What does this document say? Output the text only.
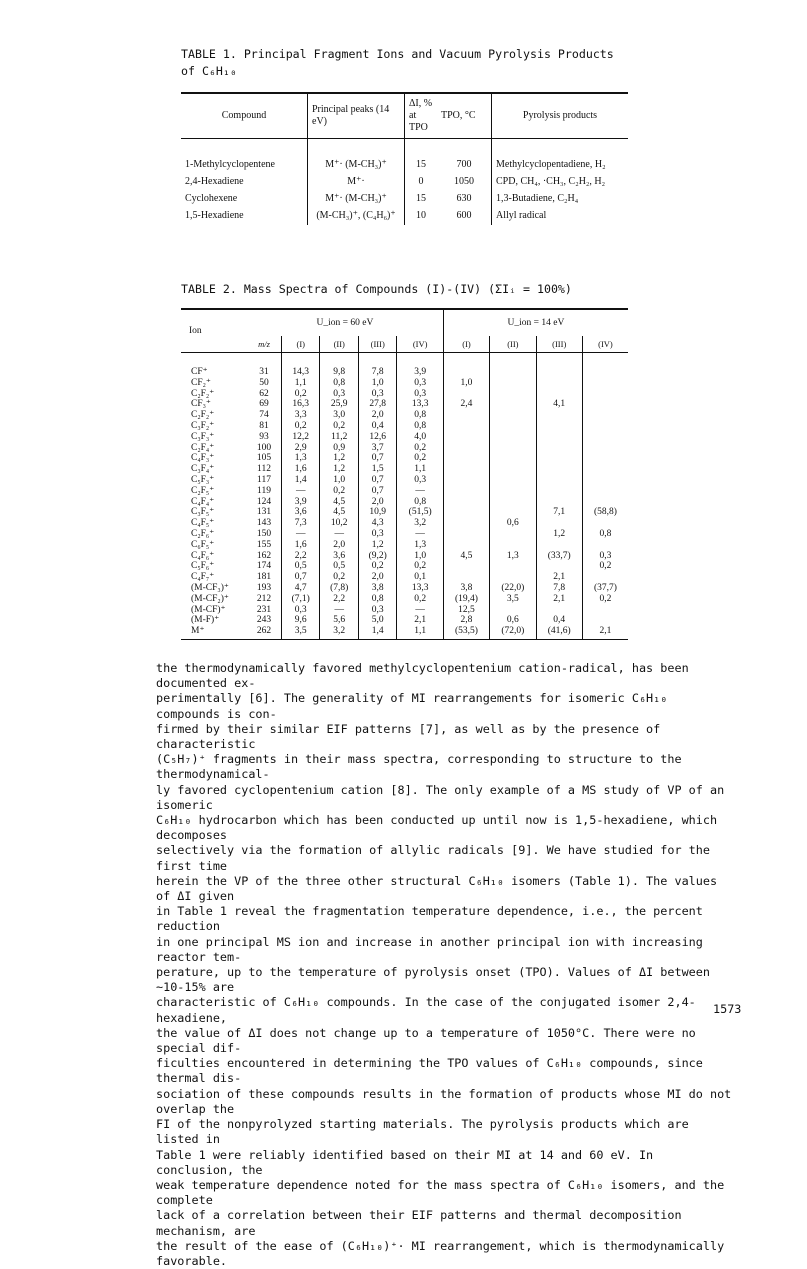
TABLE 1. Principal Fragment Ions and Vacuum Pyrolysis Products of C₆H₁₀
Compound	Principal peaks (14 eV)	ΔI, % at TPO	TPO, °C	Pyrolysis products
1-Methylcyclopentene	M⁺· (M-CH₃)⁺	15	700	Methylcyclopentadiene, H₂
2,4-Hexadiene	M⁺·	0	1050	CPD, CH₄, ·CH₃, C₂H₂, H₂
Cyclohexene	M⁺· (M-CH₃)⁺	15	630	1,3-Butadiene, C₂H₄
1,5-Hexadiene	(M-CH₃)⁺, (C₄H₆)⁺	10	600	Allyl radical
TABLE 2. Mass Spectra of Compounds (I)-(IV) (ΣIᵢ = 100%)
Ion	U_ion = 60 eV					U_ion = 14 eV			
	m/z	(I)	(II)	(III)	(IV)	(I)	(II)	(III)	(IV)
CF⁺	31	14,3	9,8	7,8	3,9				
CF₂⁺	50	1,1	0,8	1,0	0,3	1,0			
C₂F₂⁺	62	0,2	0,3	0,3	0,3				
CF₃⁺	69	16,3	25,9	27,8	13,3	2,4		4,1	
C₂F₂⁺	74	3,3	3,0	2,0	0,8				
C₃F₂⁺	81	0,2	0,2	0,4	0,8				
C₃F₃⁺	93	12,2	11,2	12,6	4,0				
C₂F₄⁺	100	2,9	0,9	3,7	0,2				
C₄F₃⁺	105	1,3	1,2	0,7	0,2				
C₃F₄⁺	112	1,6	1,2	1,5	1,1				
C₅F₃⁺	117	1,4	1,0	0,7	0,3				
C₂F₅⁺	119	—	0,2	0,7	—				
C₄F₄⁺	124	3,9	4,5	2,0	0,8				
C₃F₅⁺	131	3,6	4,5	10,9	(51,5)			7,1	(58,8)
C₄F₅⁺	143	7,3	10,2	4,3	3,2		0,6		
C₂F₆⁺	150	—	—	0,3	—			1,2	0,8
C₆F₅⁺	155	1,6	2,0	1,2	1,3				
C₄F₆⁺	162	2,2	3,6	(9,2)	1,0	4,5	1,3	(33,7)	0,3
C₅F₆⁺	174	0,5	0,5	0,2	0,2				0,2
C₄F₇⁺	181	0,7	0,2	2,0	0,1			2,1	
(M-CF₃)⁺	193	4,7	(7,8)	3,8	13,3	3,8	(22,0)	7,8	(37,7)
(M-CF₂)⁺	212	(7,1)	2,2	0,8	0,2	(19,4)	3,5	2,1	0,2
(M-CF)⁺	231	0,3	—	0,3	—	12,5			
(M-F)⁺	243	9,6	5,6	5,0	2,1	2,8	0,6	0,4	
M⁺	262	3,5	3,2	1,4	1,1	(53,5)	(72,0)	(41,6)	2,1

the thermodynamically favored methylcyclopentenium cation-radical, has been documented ex-

perimentally [6]. The generality of MI rearrangements for isomeric C₆H₁₀ compounds is con-

firmed by their similar EIF patterns [7], as well as by the presence of characteristic

(C₅H₇)⁺ fragments in their mass spectra, corresponding to structure to the thermodynamical-

ly favored cyclopentenium cation [8]. The only example of a MS study of VP of an isomeric

C₆H₁₀ hydrocarbon which has been conducted up until now is 1,5-hexadiene, which decomposes

selectively via the formation of allylic radicals [9]. We have studied for the first time

herein the VP of the three other structural C₆H₁₀ isomers (Table 1). The values of ΔI given

in Table 1 reveal the fragmentation temperature dependence, i.e., the percent reduction

in one principal MS ion and increase in another principal ion with increasing reactor tem-

perature, up to the temperature of pyrolysis onset (TPO). Values of ΔI between ~10-15% are

characteristic of C₆H₁₀ compounds. In the case of the conjugated isomer 2,4-hexadiene,

the value of ΔI does not change up to a temperature of 1050°C. There were no special dif-

ficulties encountered in determining the TPO values of C₆H₁₀ compounds, since thermal dis-

sociation of these compounds results in the formation of products whose MI do not overlap the

FI of the nonpyrolyzed starting materials. The pyrolysis products which are listed in

Table 1 were reliably identified based on their MI at 14 and 60 eV. In conclusion, the

weak temperature dependence noted for the mass spectra of C₆H₁₀ isomers, and the complete

lack of a correlation between their EIF patterns and thermal decomposition mechanism, are

the result of the ease of (C₆H₁₀)⁺· MI rearrangement, which is thermodynamically favorable.

1573
